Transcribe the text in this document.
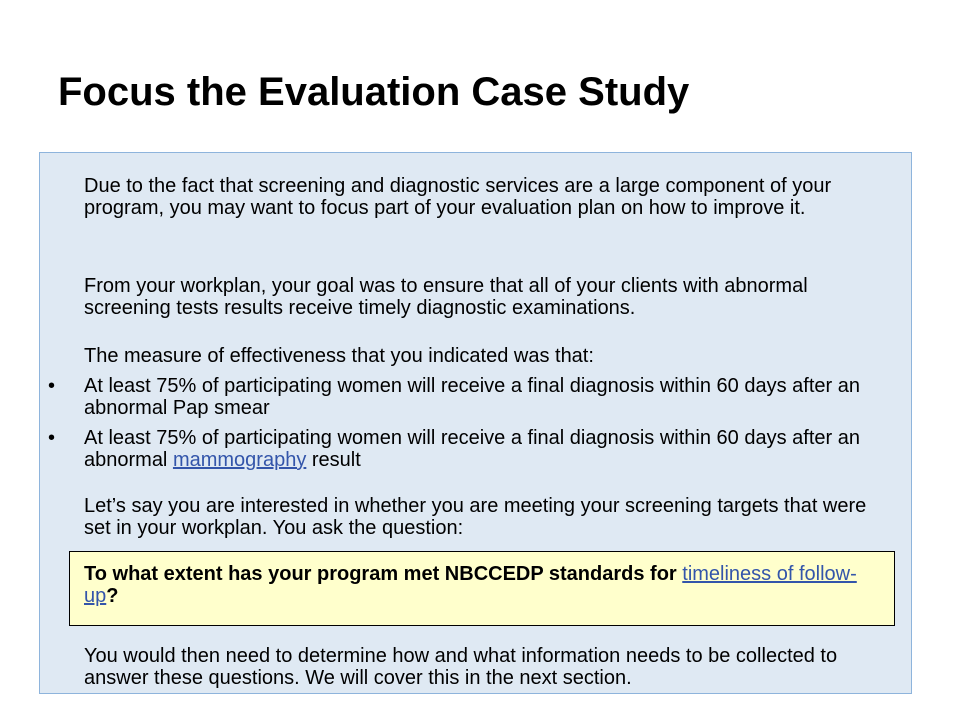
Focus the Evaluation Case Study

Due to the fact that screening and diagnostic services are a large component of your program, you may want to focus part of your evaluation plan on how to improve it.

From your workplan, your goal was to ensure that all of your clients with abnormal screening tests results receive timely diagnostic examinations.

The measure of effectiveness that you indicated was that:

• At least 75% of participating women will receive a final diagnosis within 60 days after an abnormal Pap smear
• At least 75% of participating women will receive a final diagnosis within 60 days after an abnormal mammography result

Let’s say you are interested in whether you are meeting your screening targets that were set in your workplan. You ask the question:

To what extent has your program met NBCCEDP standards for timeliness of follow-up?

You would then need to determine how and what information needs to be collected to answer these questions. We will cover this in the next section.
